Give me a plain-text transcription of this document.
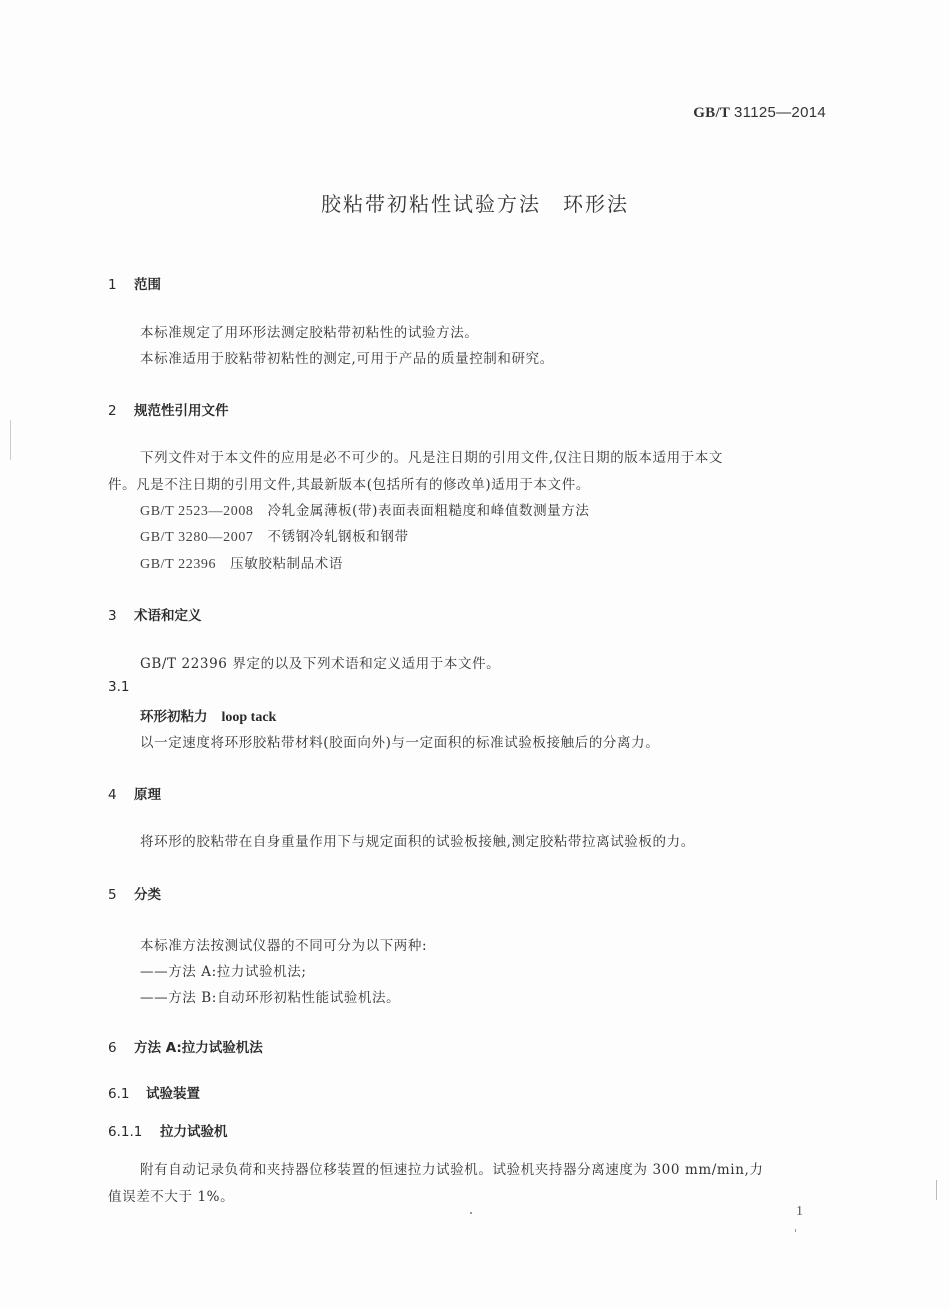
GB/T 31125—2014
胶粘带初粘性试验方法 环形法
1 范围
本标准规定了用环形法测定胶粘带初粘性的试验方法。
本标准适用于胶粘带初粘性的测定,可用于产品的质量控制和研究。
2 规范性引用文件
下列文件对于本文件的应用是必不可少的。凡是注日期的引用文件,仅注日期的版本适用于本文
件。凡是不注日期的引用文件,其最新版本(包括所有的修改单)适用于本文件。
GB/T 2523—2008 冷轧金属薄板(带)表面表面粗糙度和峰值数测量方法
GB/T 3280—2007 不锈钢冷轧钢板和钢带
GB/T 22396 压敏胶粘制品术语
3 术语和定义
GB/T 22396 界定的以及下列术语和定义适用于本文件。
3.1
环形初粘力 loop tack
以一定速度将环形胶粘带材料(胶面向外)与一定面积的标准试验板接触后的分离力。
4 原理
将环形的胶粘带在自身重量作用下与规定面积的试验板接触,测定胶粘带拉离试验板的力。
5 分类
本标准方法按测试仪器的不同可分为以下两种:
——方法 A:拉力试验机法;
——方法 B:自动环形初粘性能试验机法。
6 方法 A:拉力试验机法
6.1 试验装置
6.1.1 拉力试验机
附有自动记录负荷和夹持器位移装置的恒速拉力试验机。试验机夹持器分离速度为 300 mm/min,力
值误差不大于 1%。
1
